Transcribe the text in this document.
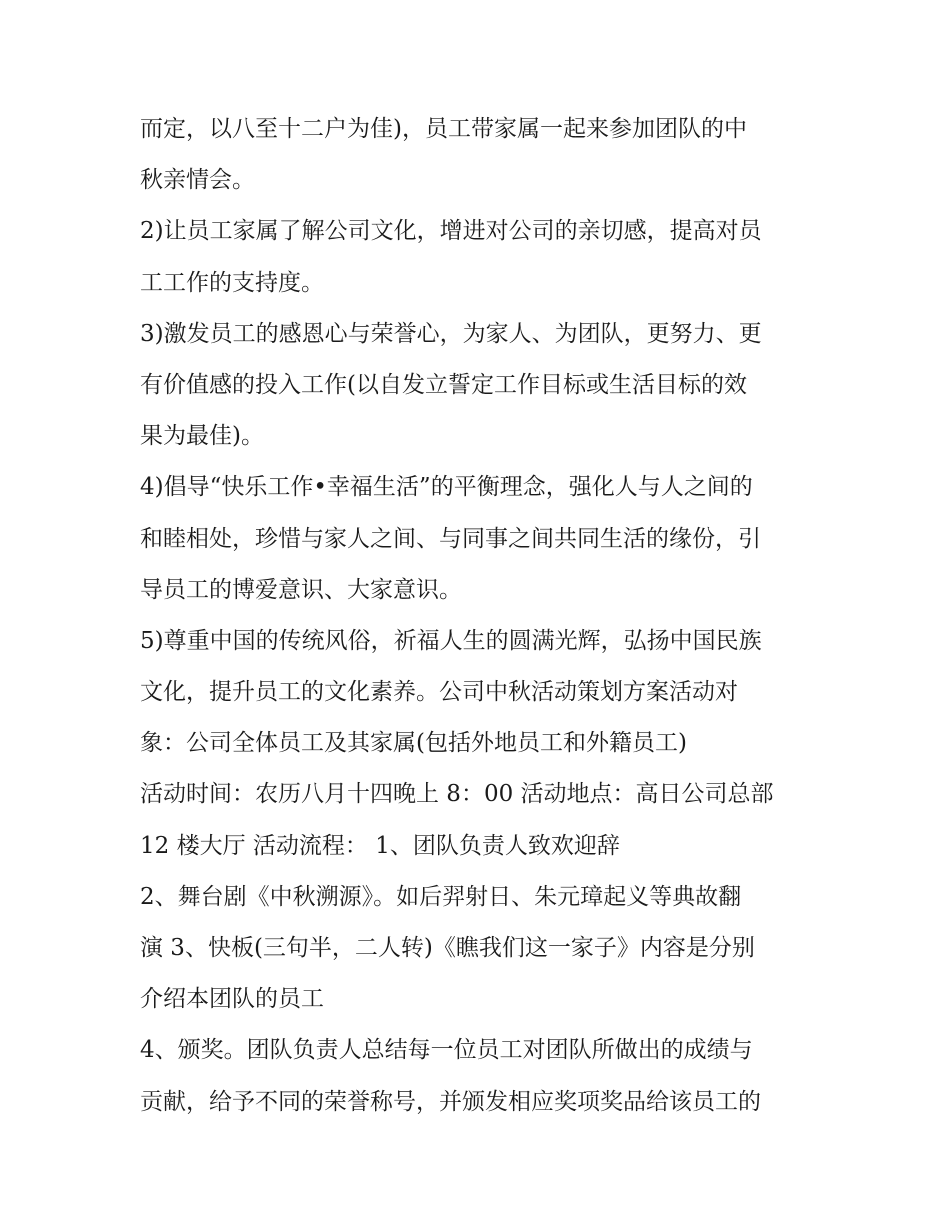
而定，以八至十二户为佳)，员工带家属一起来参加团队的中
秋亲情会。
2)让员工家属了解公司文化，增进对公司的亲切感，提高对员
工工作的支持度。
3)激发员工的感恩心与荣誉心，为家人、为团队，更努力、更
有价值感的投入工作(以自发立誓定工作目标或生活目标的效
果为最佳)。
4)倡导“快乐工作•幸福生活”的平衡理念，强化人与人之间的
和睦相处，珍惜与家人之间、与同事之间共同生活的缘份，引
导员工的博爱意识、大家意识。
5)尊重中国的传统风俗，祈福人生的圆满光辉，弘扬中国民族
文化，提升员工的文化素养。公司中秋活动策划方案活动对
象：公司全体员工及其家属(包括外地员工和外籍员工)
活动时间：农历八月十四晚上 8：00 活动地点：高日公司总部
12 楼大厅 活动流程： 1、团队负责人致欢迎辞
2、舞台剧《中秋溯源》。如后羿射日、朱元璋起义等典故翻
演 3、快板(三句半，二人转)《瞧我们这一家子》内容是分别
介绍本团队的员工
4、颁奖。团队负责人总结每一位员工对团队所做出的成绩与
贡献，给予不同的荣誉称号，并颁发相应奖项奖品给该员工的
